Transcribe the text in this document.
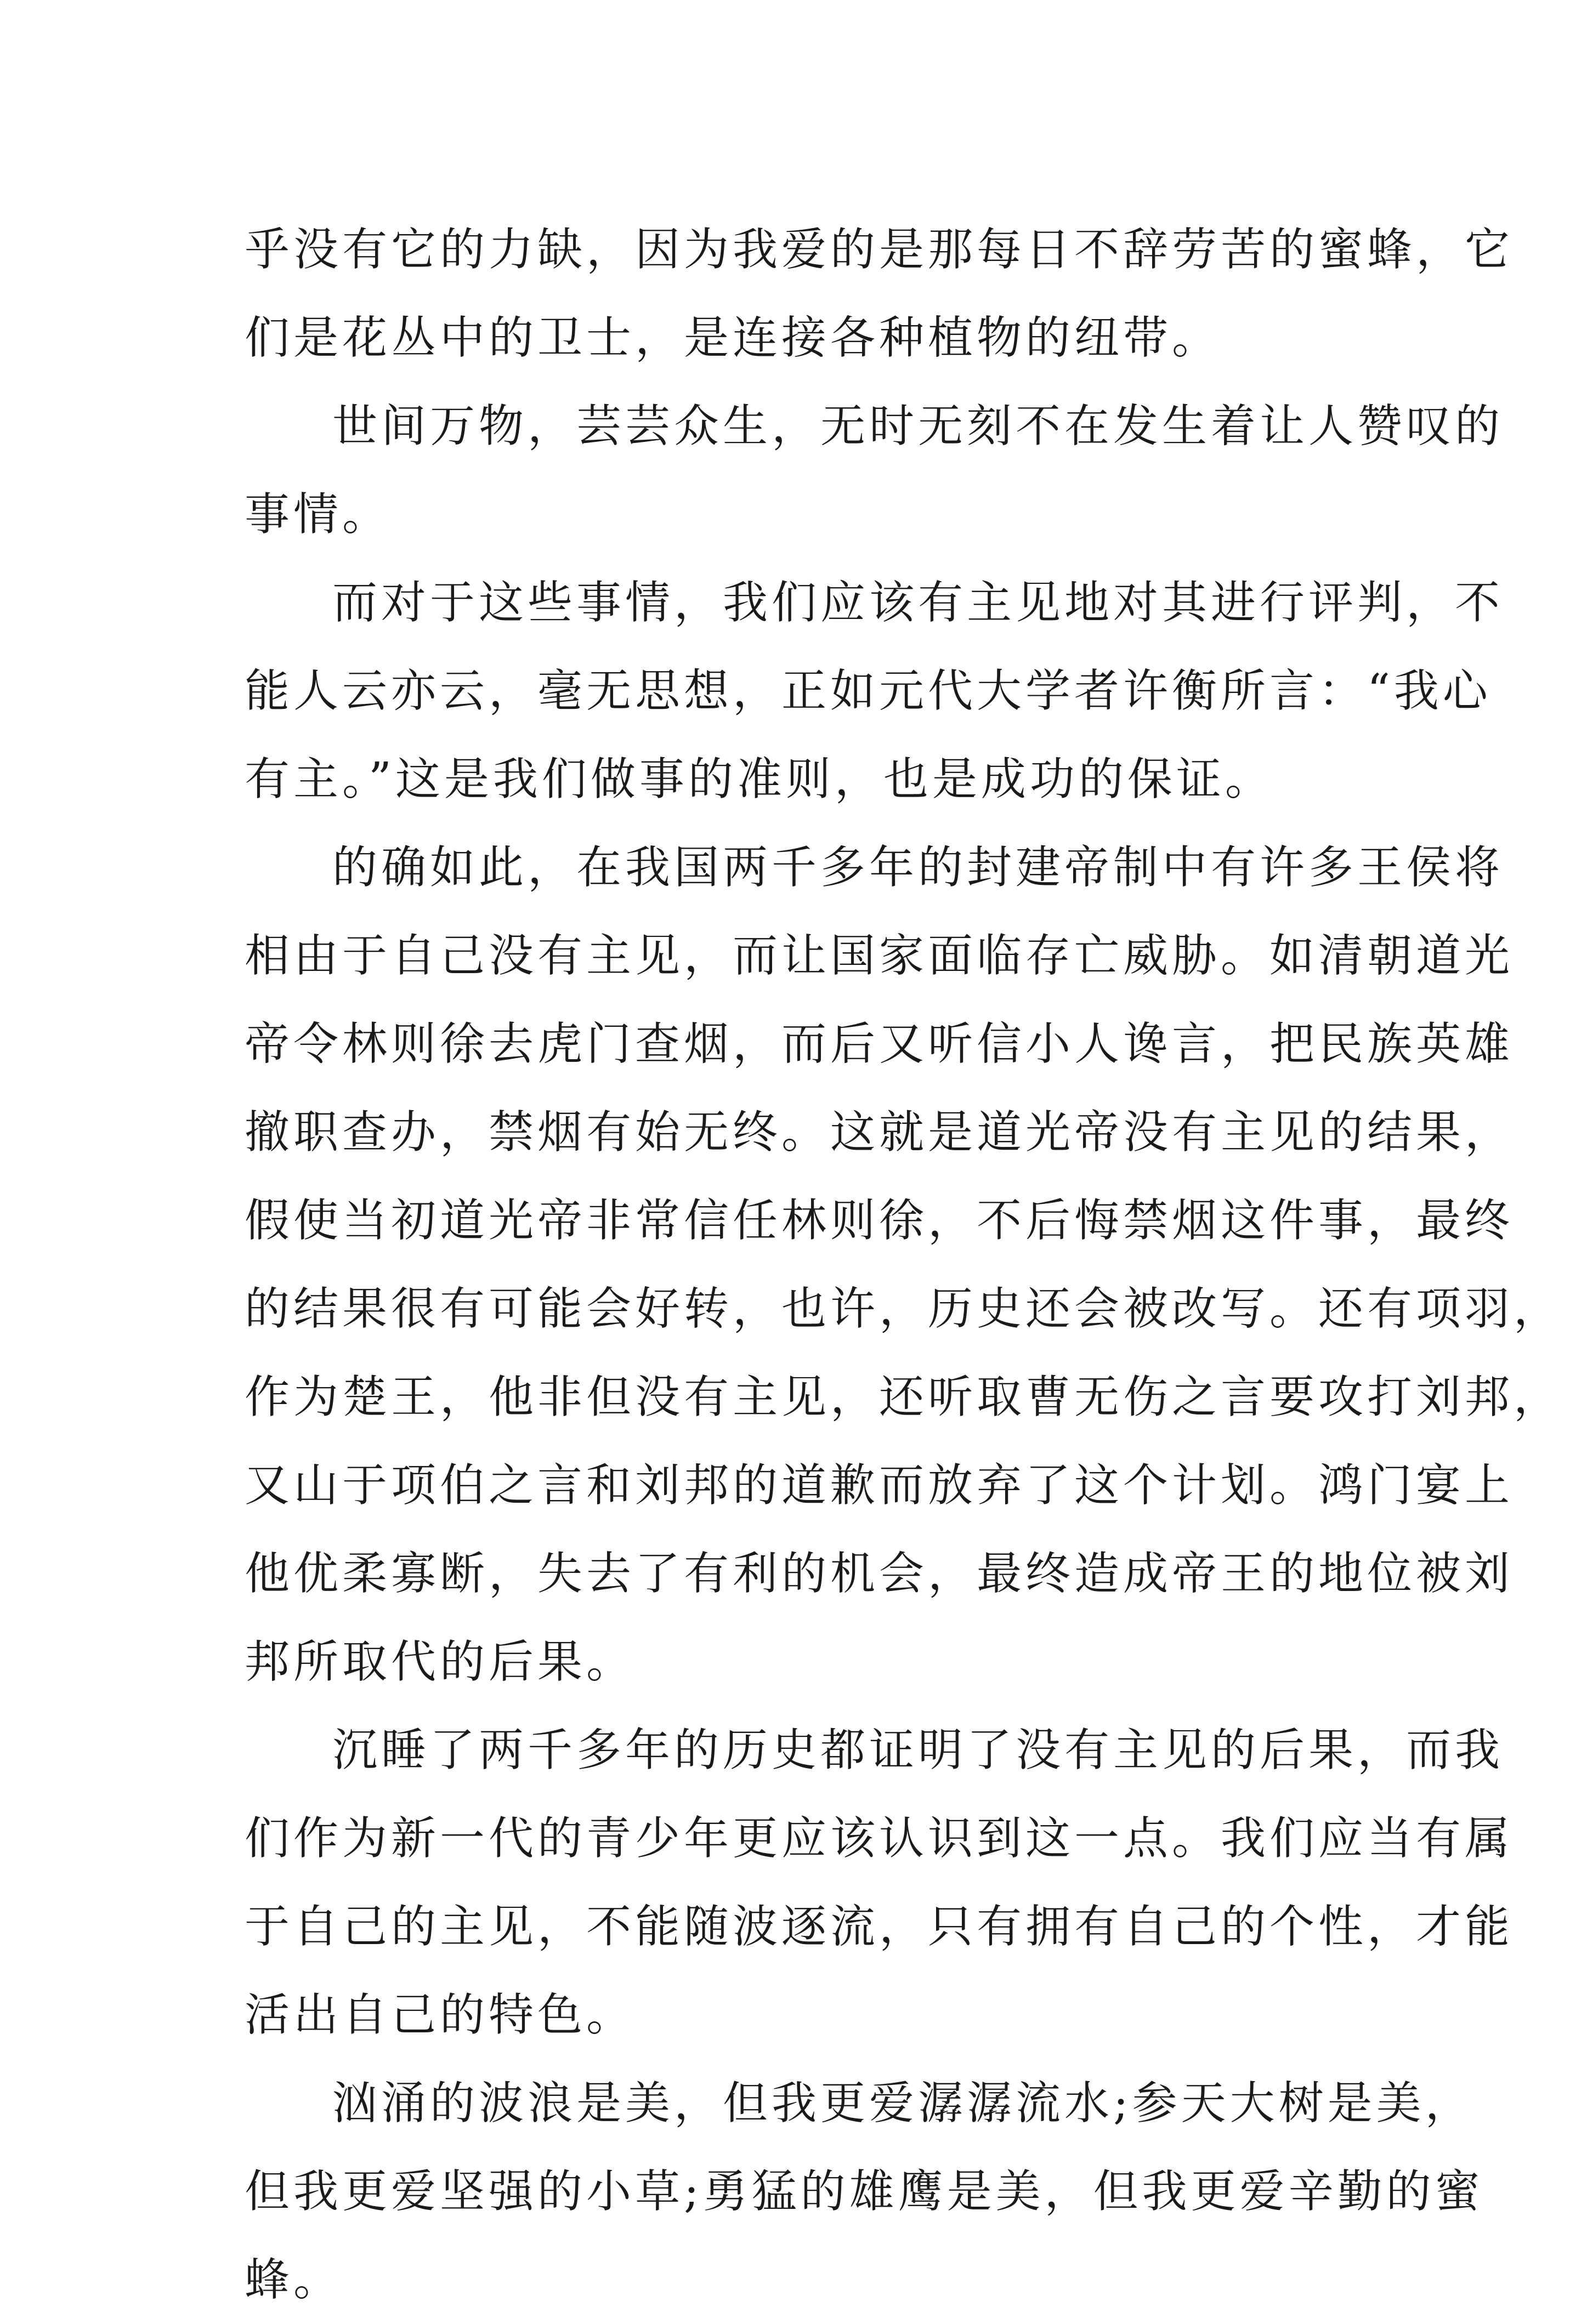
乎没有它的力缺，因为我爱的是那每日不辞劳苦的蜜蜂，它
们是花丛中的卫士，是连接各种植物的纽带。
世间万物，芸芸众生，无时无刻不在发生着让人赞叹的
事情。
而对于这些事情，我们应该有主见地对其进行评判，不
能人云亦云，毫无思想，正如元代大学者许衡所言：“我心
有主。”这是我们做事的准则，也是成功的保证。
的确如此，在我国两千多年的封建帝制中有许多王侯将
相由于自己没有主见，而让国家面临存亡威胁。如清朝道光
帝令林则徐去虎门查烟，而后又听信小人谗言，把民族英雄
撤职查办，禁烟有始无终。这就是道光帝没有主见的结果，
假使当初道光帝非常信任林则徐，不后悔禁烟这件事，最终
的结果很有可能会好转，也许，历史还会被改写。还有项羽，
作为楚王，他非但没有主见，还听取曹无伤之言要攻打刘邦，
又山于项伯之言和刘邦的道歉而放弃了这个计划。鸿门宴上
他优柔寡断，失去了有利的机会，最终造成帝王的地位被刘
邦所取代的后果。
沉睡了两千多年的历史都证明了没有主见的后果，而我
们作为新一代的青少年更应该认识到这一点。我们应当有属
于自己的主见，不能随波逐流，只有拥有自己的个性，才能
活出自己的特色。
汹涌的波浪是美，但我更爱潺潺流水;参天大树是美，
但我更爱坚强的小草;勇猛的雄鹰是美，但我更爱辛勤的蜜
蜂。
